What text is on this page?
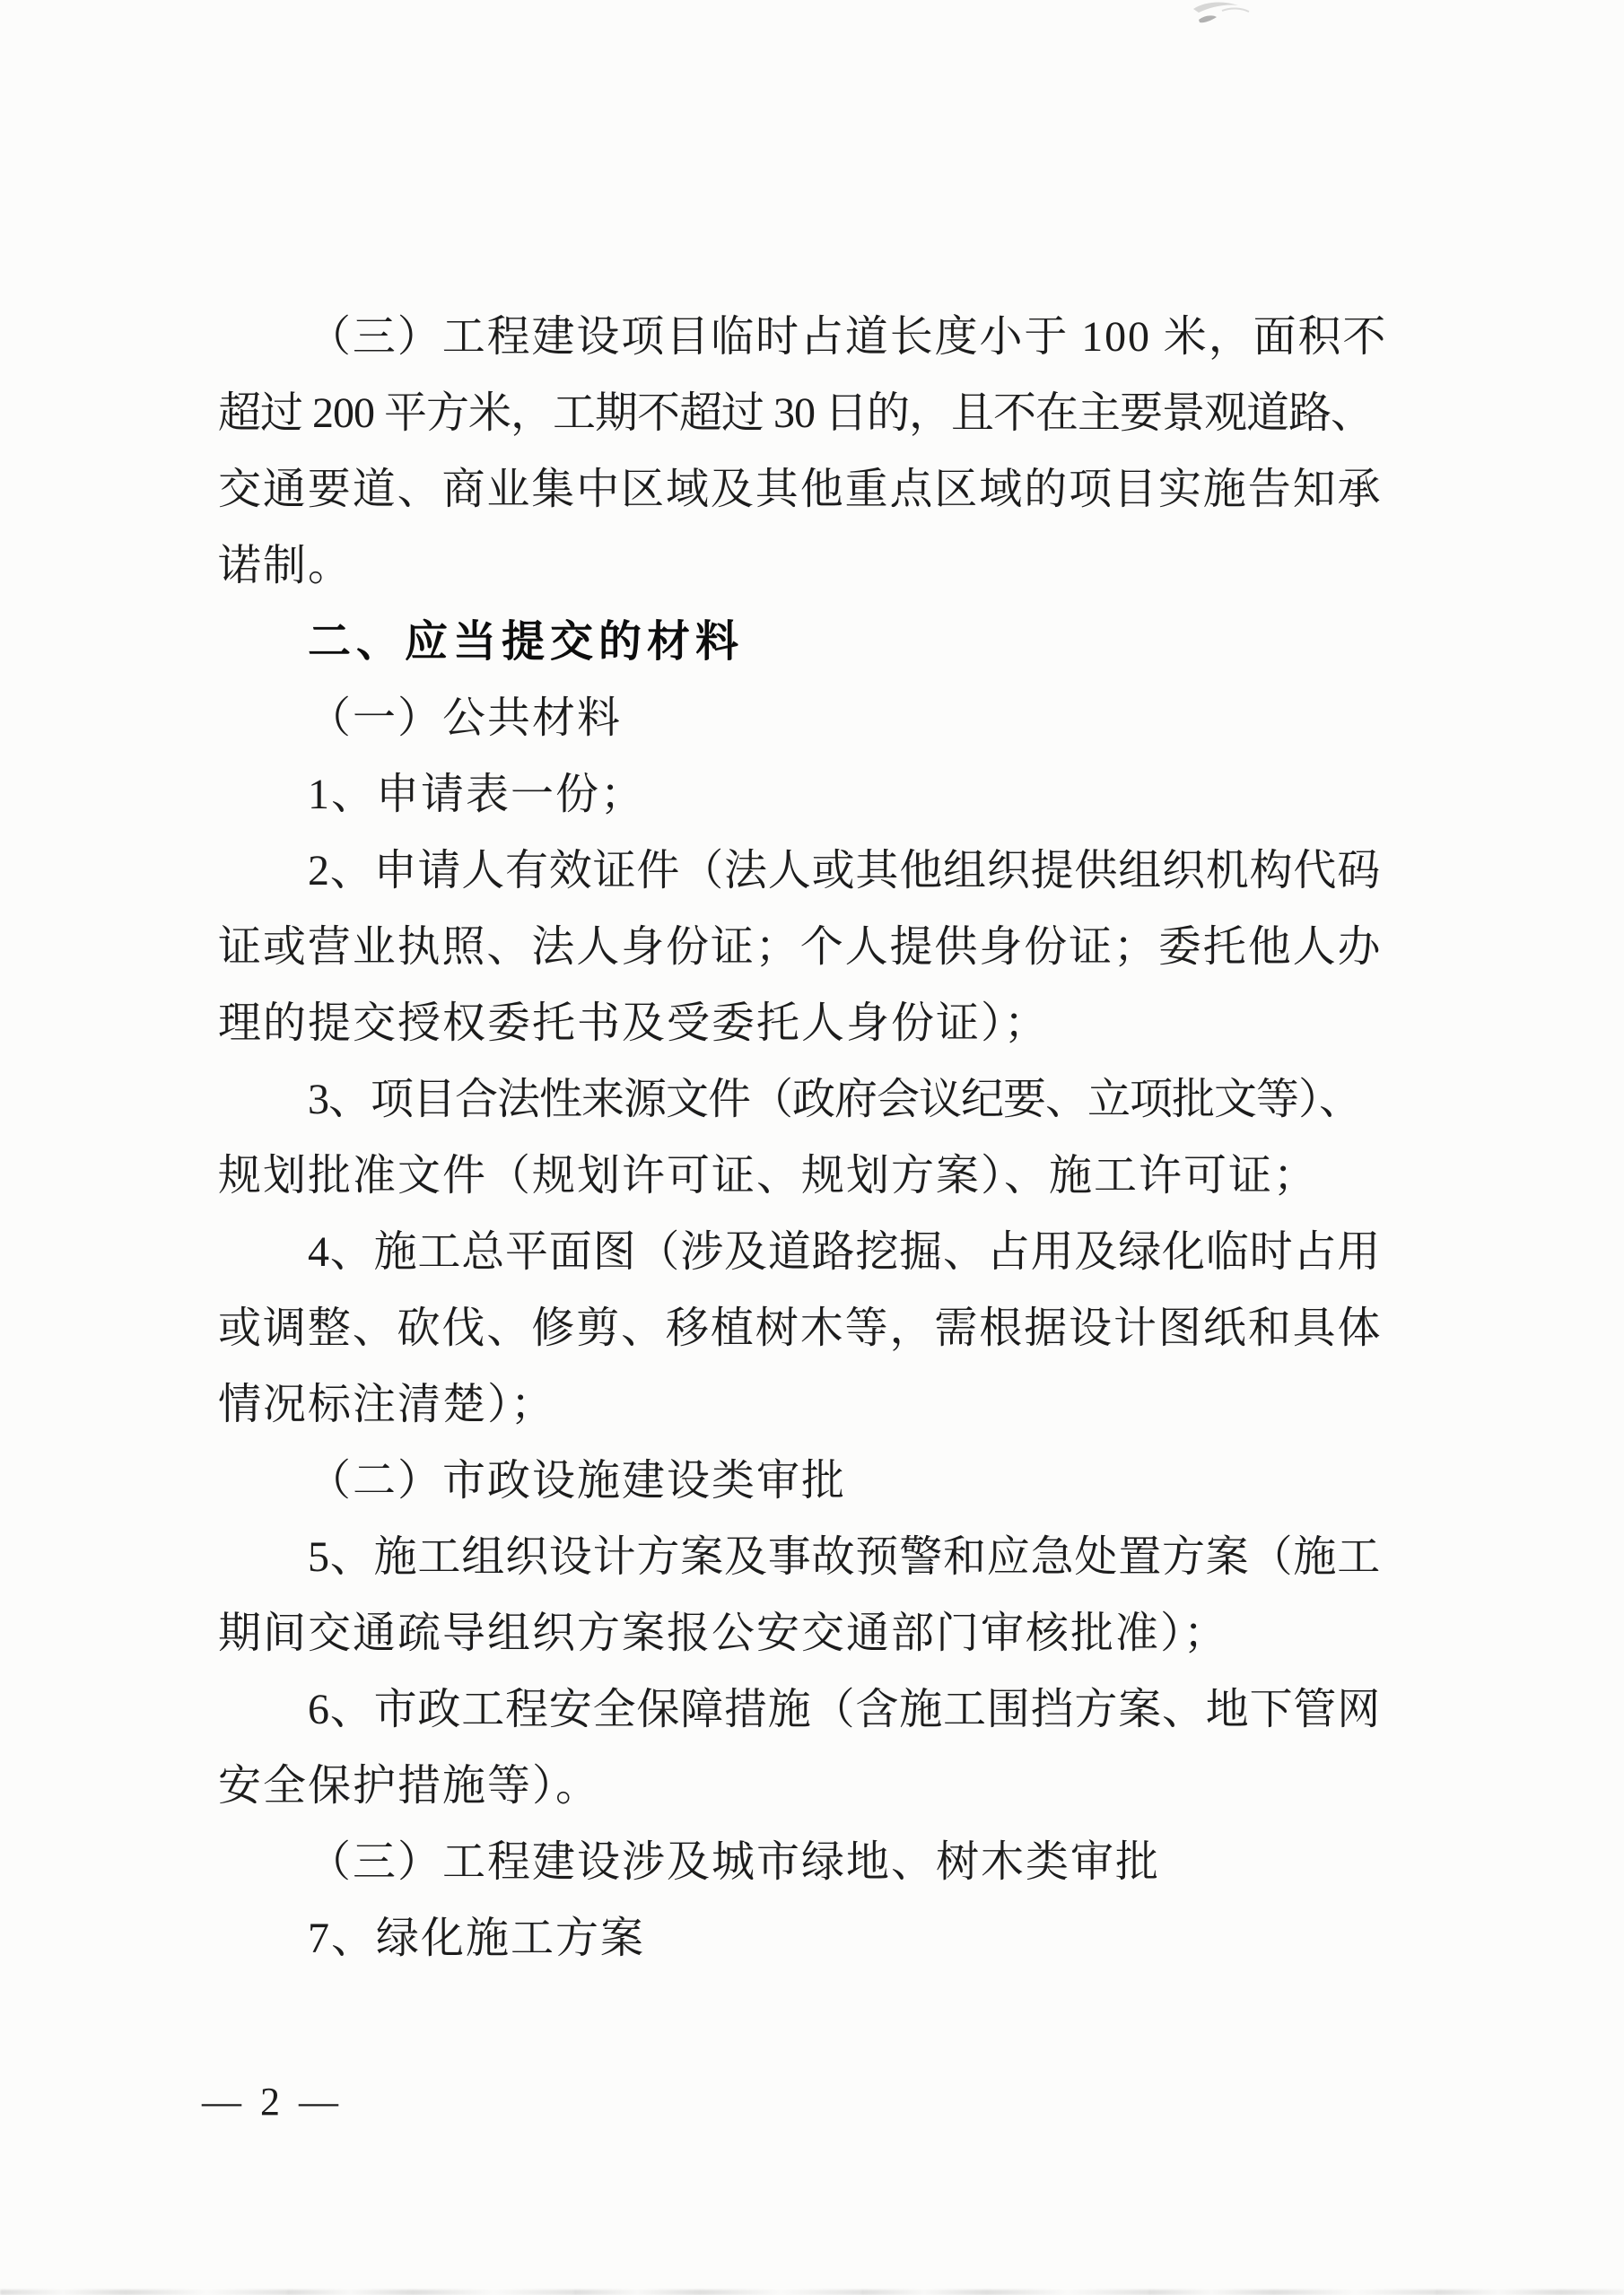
（三）工程建设项目临时占道长度小于 100 米，面积不
超过 200 平方米，工期不超过 30 日的，且不在主要景观道路、
交通要道、商业集中区域及其他重点区域的项目实施告知承
诺制。
二、应当提交的材料
（一）公共材料
1、申请表一份；
2、申请人有效证件（法人或其他组织提供组织机构代码
证或营业执照、法人身份证；个人提供身份证；委托他人办
理的提交授权委托书及受委托人身份证）；
3、项目合法性来源文件（政府会议纪要、立项批文等）、
规划批准文件（规划许可证、规划方案）、施工许可证；
4、施工总平面图（涉及道路挖掘、占用及绿化临时占用
或调整、砍伐、修剪、移植树木等，需根据设计图纸和具体
情况标注清楚）；
（二）市政设施建设类审批
5、施工组织设计方案及事故预警和应急处置方案（施工
期间交通疏导组织方案报公安交通部门审核批准）；
6、市政工程安全保障措施（含施工围挡方案、地下管网
安全保护措施等）。
（三）工程建设涉及城市绿地、树木类审批
7、绿化施工方案
— 2 —
